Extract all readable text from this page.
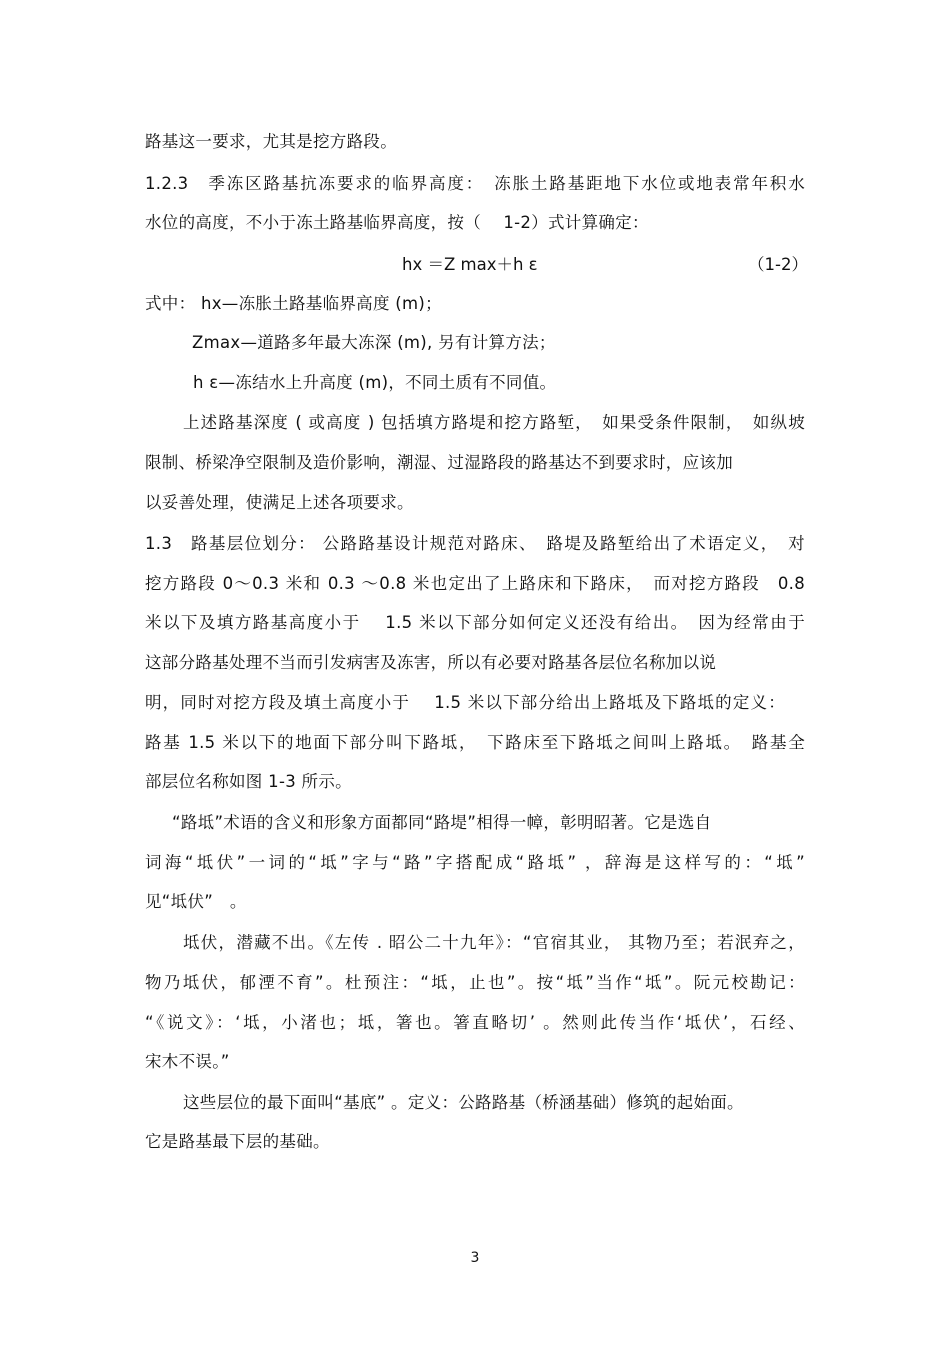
路基这一要求，尤其是挖方路段。
1.2.3　季冻区路基抗冻要求的临界高度：　冻胀土路基距地下水位或地表常年积水
水位的高度，不小于冻土路基临界高度，按（　 1-2）式计算确定：
hx ＝Z max＋h ε	（1-2）
式中： hx—冻胀土路基临界高度 (m)；
Zmax—道路多年最大冻深 (m), 另有计算方法；
h ε—冻结水上升高度 (m)，不同土质有不同值。
上述路基深度 ( 或高度 ) 包括填方路堤和挖方路堑，　如果受条件限制，　如纵坡
限制、桥梁净空限制及造价影响，潮湿、过湿路段的路基达不到要求时，应该加
以妥善处理，使满足上述各项要求。
1.3　路基层位划分： 公路路基设计规范对路床、　路堤及路堑给出了术语定义，　对
挖方路段 0～0.3 米和 0.3 ～0.8 米也定出了上路床和下路床，　而对挖方路段　0.8
米以下及填方路基高度小于　 1.5 米以下部分如何定义还没有给出。　因为经常由于
这部分路基处理不当而引发病害及冻害，所以有必要对路基各层位名称加以说
明，同时对挖方段及填土高度小于　 1.5 米以下部分给出上路坻及下路坻的定义：
路基 1.5 米以下的地面下部分叫下路坻，　下路床至下路坻之间叫上路坻。　路基全
部层位名称如图 1-3 所示。
“路坻”术语的含义和形象方面都同“路堤”相得一幛，彰明昭著。它是选自
词海“坻伏”一词的“坻”字与“路”字搭配成“路坻” ，辞海是这样写的：“坻”
见“坻伏”　。
坻伏，潜藏不出。《左传 . 昭公二十九年》：“官宿其业， 其物乃至；若泯弃之，
物乃坻伏，郁湮不育”。杜预注：“坻，止也”。按“坻”当作“坻”。阮元校勘记：
“《说文》：‘坻，小渚也；坻，箸也。箸直略切’ 。然则此传当作‘坻伏’，石经、
宋木不误。”
这些层位的最下面叫“基底” 。定义：公路路基（桥涵基础）修筑的起始面。
它是路基最下层的基础。
3
